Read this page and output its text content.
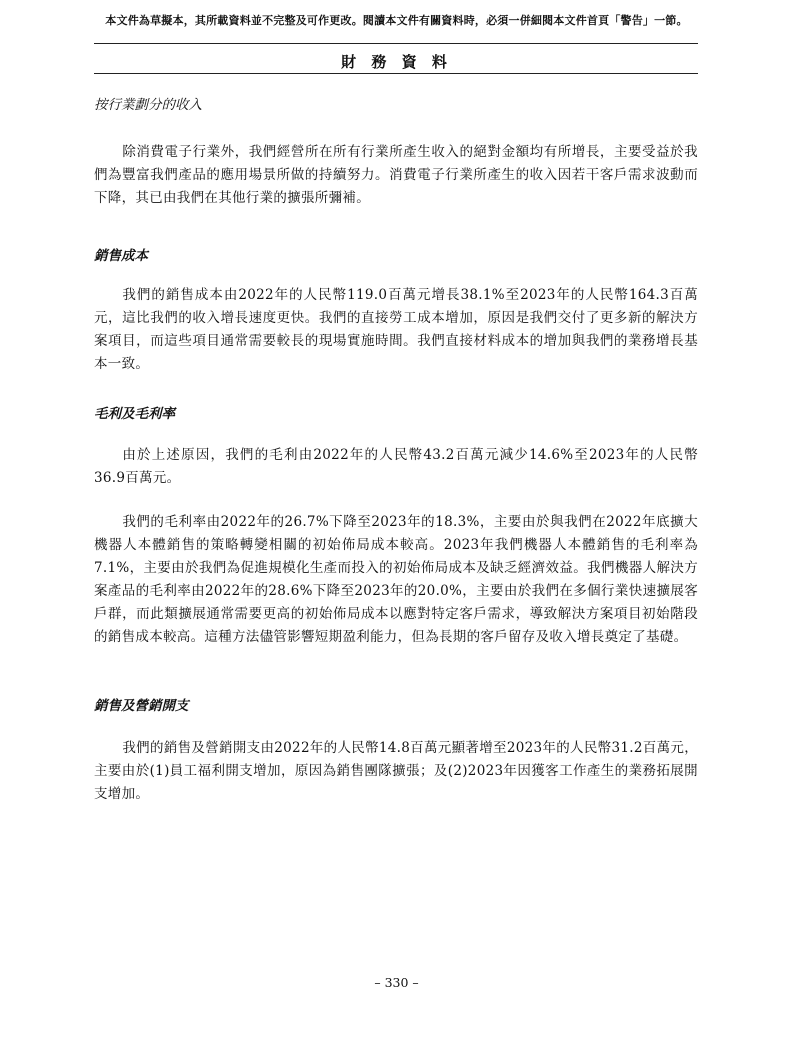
本文件為草擬本，其所載資料並不完整及可作更改。閱讀本文件有關資料時，必須一併細閱本文件首頁「警告」一節。
財 務 資 料
按行業劃分的收入
除消費電子行業外，我們經營所在所有行業所產生收入的絕對金額均有所增長，主要受益於我們為豐富我們產品的應用場景所做的持續努力。消費電子行業所產生的收入因若干客戶需求波動而下降，其已由我們在其他行業的擴張所彌補。
銷售成本
我們的銷售成本由2022年的人民幣119.0百萬元增長38.1%至2023年的人民幣164.3百萬元，這比我們的收入增長速度更快。我們的直接勞工成本增加，原因是我們交付了更多新的解決方案項目，而這些項目通常需要較長的現場實施時間。我們直接材料成本的增加與我們的業務增長基本一致。
毛利及毛利率
由於上述原因，我們的毛利由2022年的人民幣43.2百萬元減少14.6%至2023年的人民幣36.9百萬元。
我們的毛利率由2022年的26.7%下降至2023年的18.3%，主要由於與我們在2022年底擴大機器人本體銷售的策略轉變相關的初始佈局成本較高。2023年我們機器人本體銷售的毛利率為7.1%，主要由於我們為促進規模化生產而投入的初始佈局成本及缺乏經濟效益。我們機器人解決方案產品的毛利率由2022年的28.6%下降至2023年的20.0%，主要由於我們在多個行業快速擴展客戶群，而此類擴展通常需要更高的初始佈局成本以應對特定客戶需求，導致解決方案項目初始階段的銷售成本較高。這種方法儘管影響短期盈利能力，但為長期的客戶留存及收入增長奠定了基礎。
銷售及營銷開支
我們的銷售及營銷開支由2022年的人民幣14.8百萬元顯著增至2023年的人民幣31.2百萬元，主要由於(1)員工福利開支增加，原因為銷售團隊擴張；及(2)2023年因獲客工作產生的業務拓展開支增加。
– 330 –
